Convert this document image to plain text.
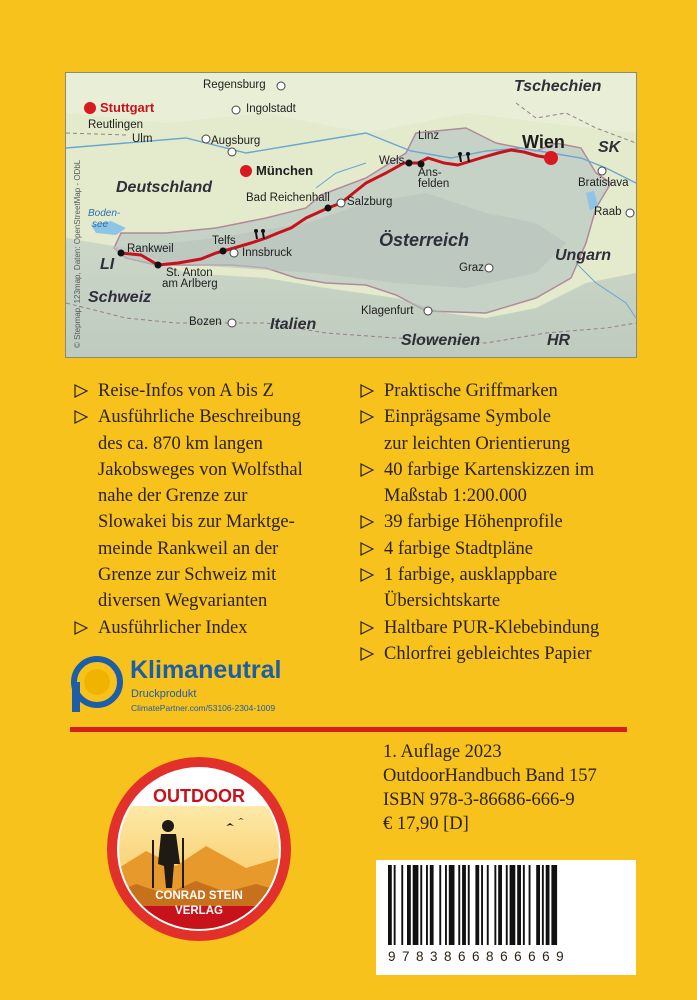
Tschechien
SK
Deutschland
Österreich
Ungarn
LI
Schweiz
Italien
Slowenien	HR
Boden-
see
Regensburg
Stuttgart	Ingolstadt
Reutlingen
Ulm	Augsburg
München
Linz
Wels
Ans-
felden
Wien
Bratislava
Raab
Bad Reichenhall Salzburg
Telfs
Rankweil	Innsbruck
St. Anton
am Arlberg
Graz
Bozen
Klagenfurt
© Stepmap, 123map, Daten: OpenStreetMap - ODbL
Reise-Infos von A bis Z
Ausführliche Beschreibung
des ca. 870 km langen
Jakobsweges von Wolfsthal
nahe der Grenze zur
Slowakei bis zur Marktge-
meinde Rankweil an der
Grenze zur Schweiz mit
diversen Wegvarianten
Ausführlicher Index
Praktische Griffmarken
Einprägsame Symbole
zur leichten Orientierung
40 farbige Kartenskizzen im
Maßstab 1:200.000
39 farbige Höhenprofile
4 farbige Stadtpläne
1 farbige, ausklappbare
Übersichtskarte
Haltbare PUR-Klebebindung
Chlorfrei gebleichtes Papier
Klimaneutral
Druckprodukt
ClimatePartner.com/53106-2304-1009
OUTDOOR
CONRAD STEIN
VERLAG
1. Auflage 2023
OutdoorHandbuch Band 157
ISBN 978-3-86686-666-9
€ 17,90 [D]
9783866866669
